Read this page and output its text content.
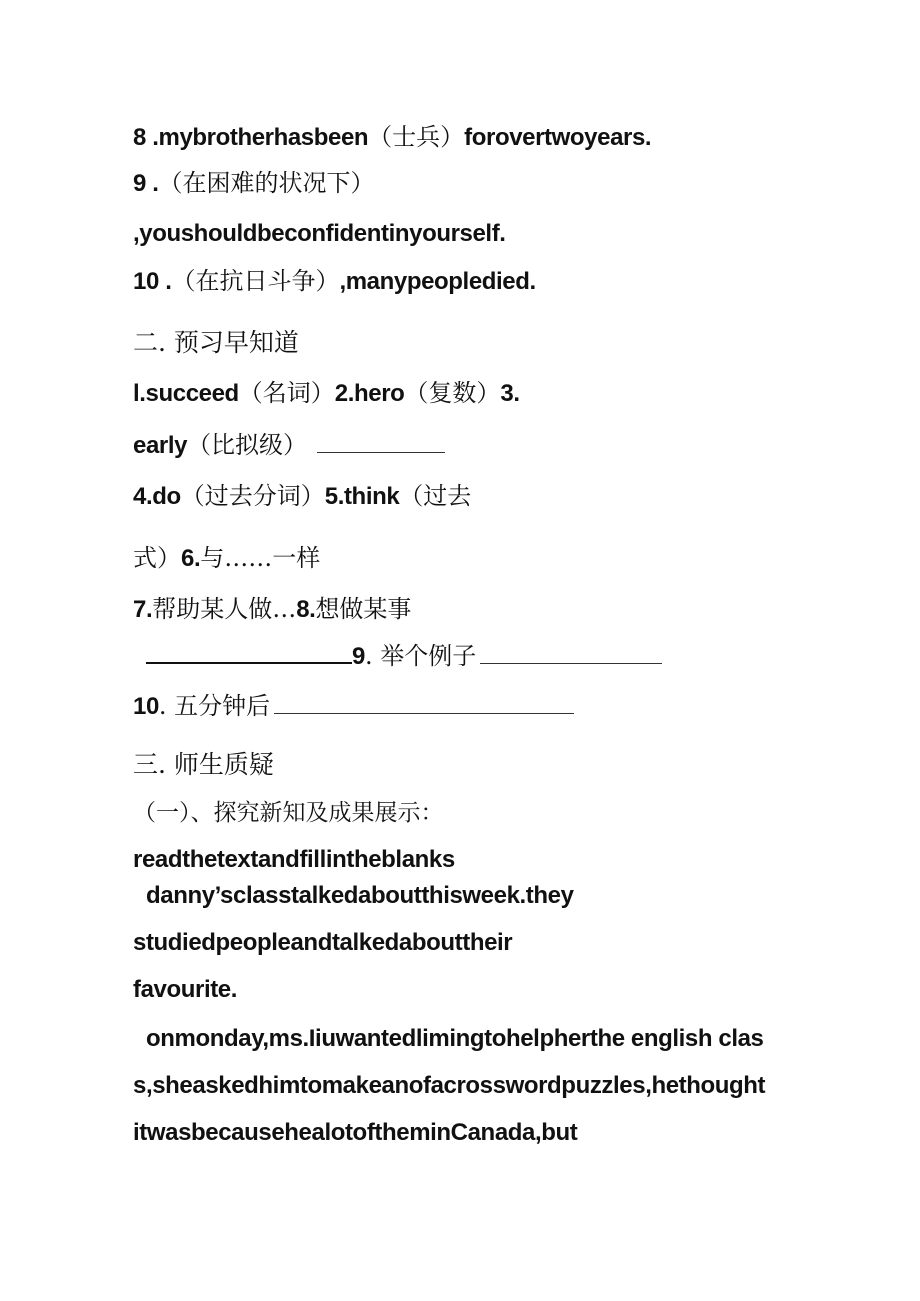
8 .mybrotherhasbeen（士兵）forovertwoyears.
9 .（在困难的状况下）
,youshouldbeconfidentinyourself.
10 .（在抗日斗争）,manypeopledied.
二. 预习早知道
l.succeed（名词）2.hero（复数）3.
early（比拟级）
4.do（过去分词）5.think（过去
式）6.与……一样
7.帮助某人做…8.想做某事
9. 举个例子
10. 五分钟后
三. 师生质疑
（一）、探究新知及成果展示：
readthetextandfillintheblanks
danny’sclasstalkedaboutthisweek.they
studiedpeopleandtalkedabouttheir
favourite.
onmonday,ms.Iiuwantedlimingtohelpherthe english clas
s,sheaskedhimtomakeanofacrosswordpuzzles,hethought
itwasbecausehealotoftheminCanada,but
